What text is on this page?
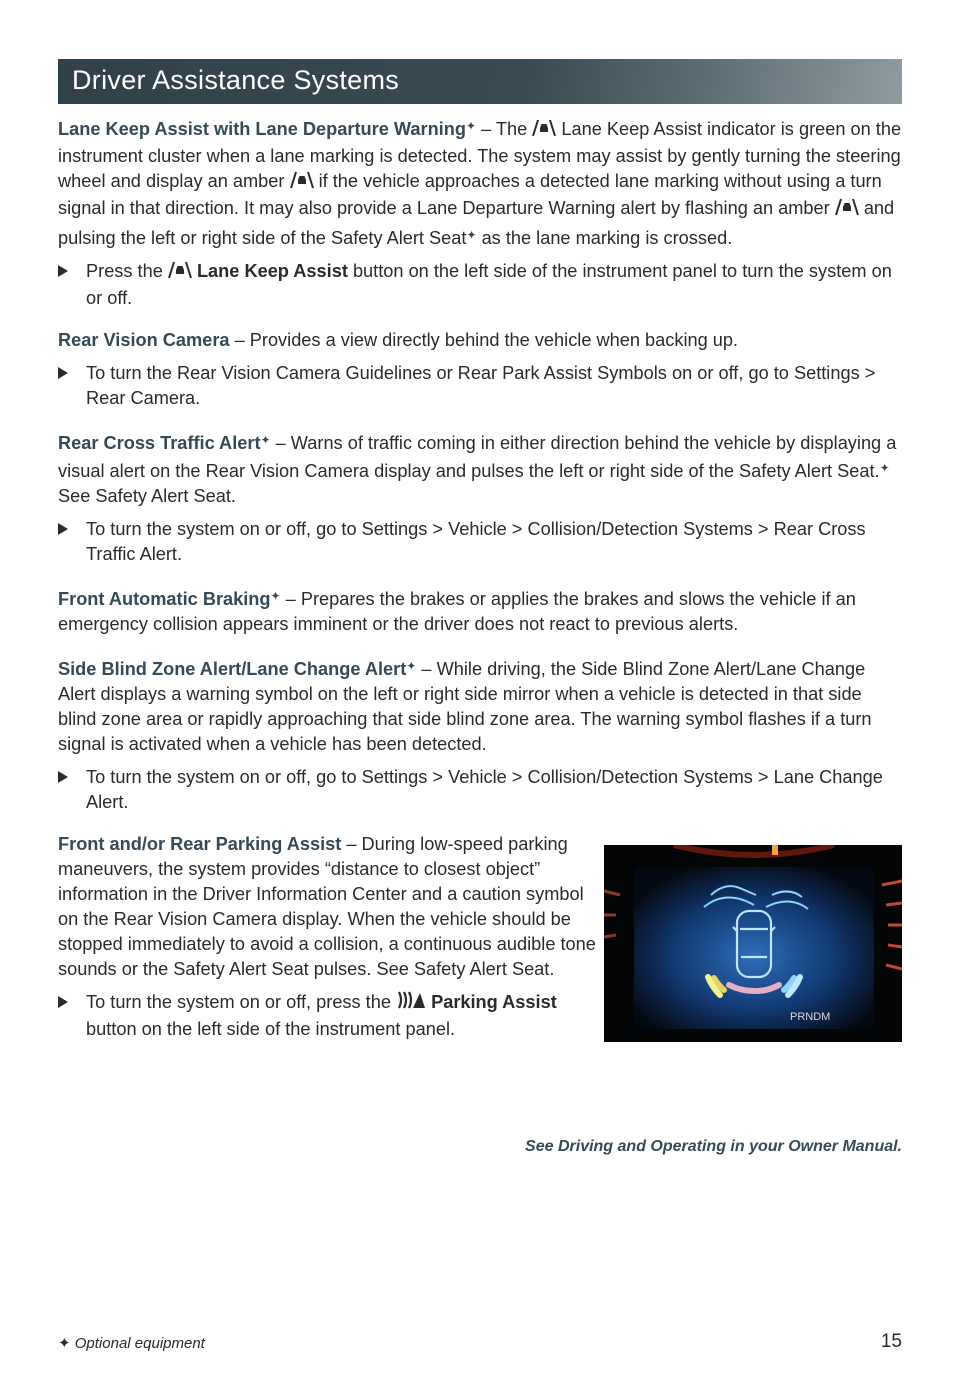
Driver Assistance Systems

Lane Keep Assist with Lane Departure Warning✦ – The  Lane Keep Assist indicator is green on the instrument cluster when a lane marking is detected. The system may assist by gently turning the steering wheel and display an amber  if the vehicle approaches a detected lane marking without using a turn signal in that direction. It may also provide a Lane Departure Warning alert by flashing an amber  and pulsing the left or right side of the Safety Alert Seat✦ as the lane marking is crossed.

Press the  Lane Keep Assist button on the left side of the instrument panel to turn the system on or off.

Rear Vision Camera – Provides a view directly behind the vehicle when backing up.

To turn the Rear Vision Camera Guidelines or Rear Park Assist Symbols on or off, go to Settings > Rear Camera.

Rear Cross Traffic Alert✦ – Warns of traffic coming in either direction behind the vehicle by displaying a visual alert on the Rear Vision Camera display and pulses the left or right side of the Safety Alert Seat.✦ See Safety Alert Seat.

To turn the system on or off, go to Settings > Vehicle > Collision/Detection Systems > Rear Cross Traffic Alert.

Front Automatic Braking✦ – Prepares the brakes or applies the brakes and slows the vehicle if an emergency collision appears imminent or the driver does not react to previous alerts.

Side Blind Zone Alert/Lane Change Alert✦ – While driving, the Side Blind Zone Alert/Lane Change Alert displays a warning symbol on the left or right side mirror when a vehicle is detected in that side blind zone area or rapidly approaching that side blind zone area. The warning symbol flashes if a turn signal is activated when a vehicle has been detected.

To turn the system on or off, go to Settings > Vehicle > Collision/Detection Systems > Lane Change Alert.

Front and/or Rear Parking Assist – During low-speed parking maneuvers, the system provides “distance to closest object” information in the Driver Information Center and a caution symbol on the Rear Vision Camera display. When the vehicle should be stopped immediately to avoid a collision, a continuous audible tone sounds or the Safety Alert Seat pulses. See Safety Alert Seat.

To turn the system on or off, press the  Parking Assist button on the left side of the instrument panel.

PRNDM
See Driving and Operating in your Owner Manual.
✦ Optional equipment	15
